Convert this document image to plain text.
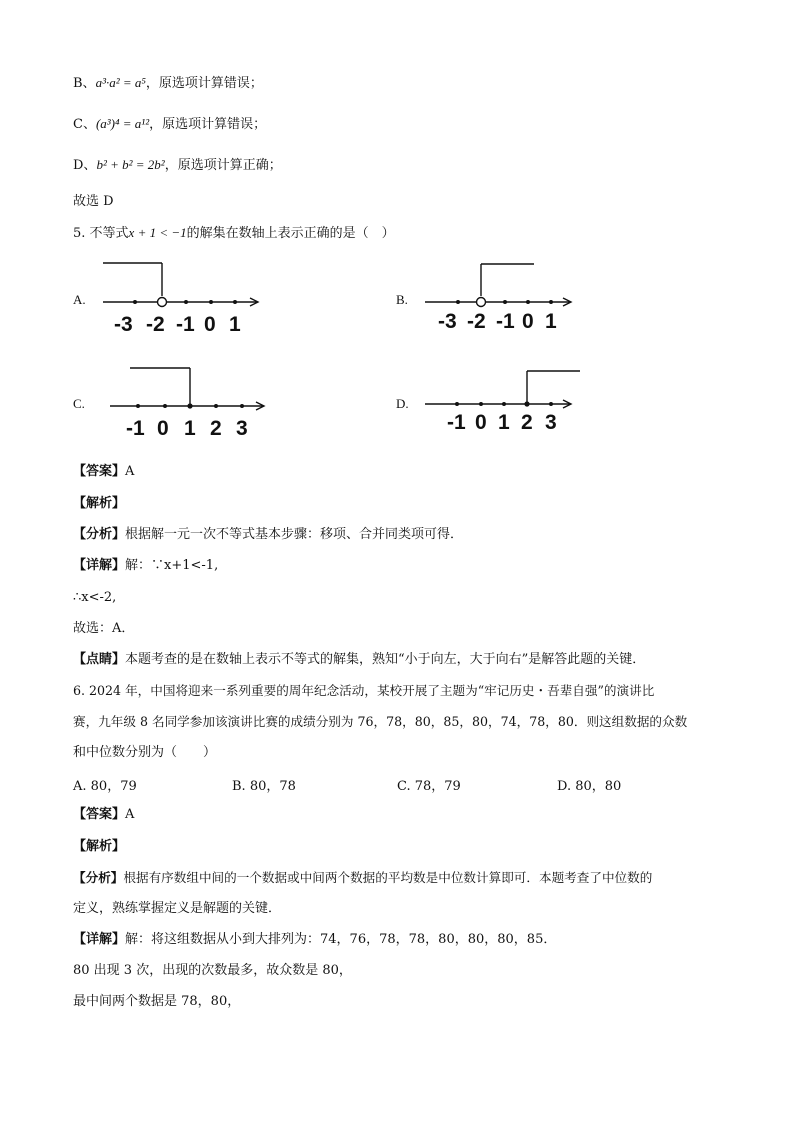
B、a³·a² = a⁵，原选项计算错误；
C、(a³)⁴ = a¹²，原选项计算错误；
D、b² + b² = 2b²，原选项计算正确；
故选 D
5. 不等式x + 1 < −1的解集在数轴上表示正确的是（　）
A.	B.
C.	D.
-3 -2 -1 0 1	-3 -2 -1 0 1
-1 0 1 2 3	-1 0 1 2 3
【答案】A
【解析】
【分析】根据解一元一次不等式基本步骤：移项、合并同类项可得．
【详解】解：∵x+1<-1,
∴x<-2,
故选：A．
【点睛】本题考查的是在数轴上表示不等式的解集，熟知“小于向左，大于向右”是解答此题的关键．
6. 2024 年，中国将迎来一系列重要的周年纪念活动，某校开展了主题为“牢记历史・吾辈自强”的演讲比
赛，九年级 8 名同学参加该演讲比赛的成绩分别为 76，78，80，85，80，74，78，80．则这组数据的众数
和中位数分别为（　　）
A. 80，79	B. 80，78	C. 78，79	D. 80，80
【答案】A
【解析】
【分析】根据有序数组中间的一个数据或中间两个数据的平均数是中位数计算即可．本题考查了中位数的
定义，熟练掌握定义是解题的关键．
【详解】解：将这组数据从小到大排列为：74，76，78，78，80，80，80，85．
80 出现 3 次，出现的次数最多，故众数是 80，
最中间两个数据是 78，80，
